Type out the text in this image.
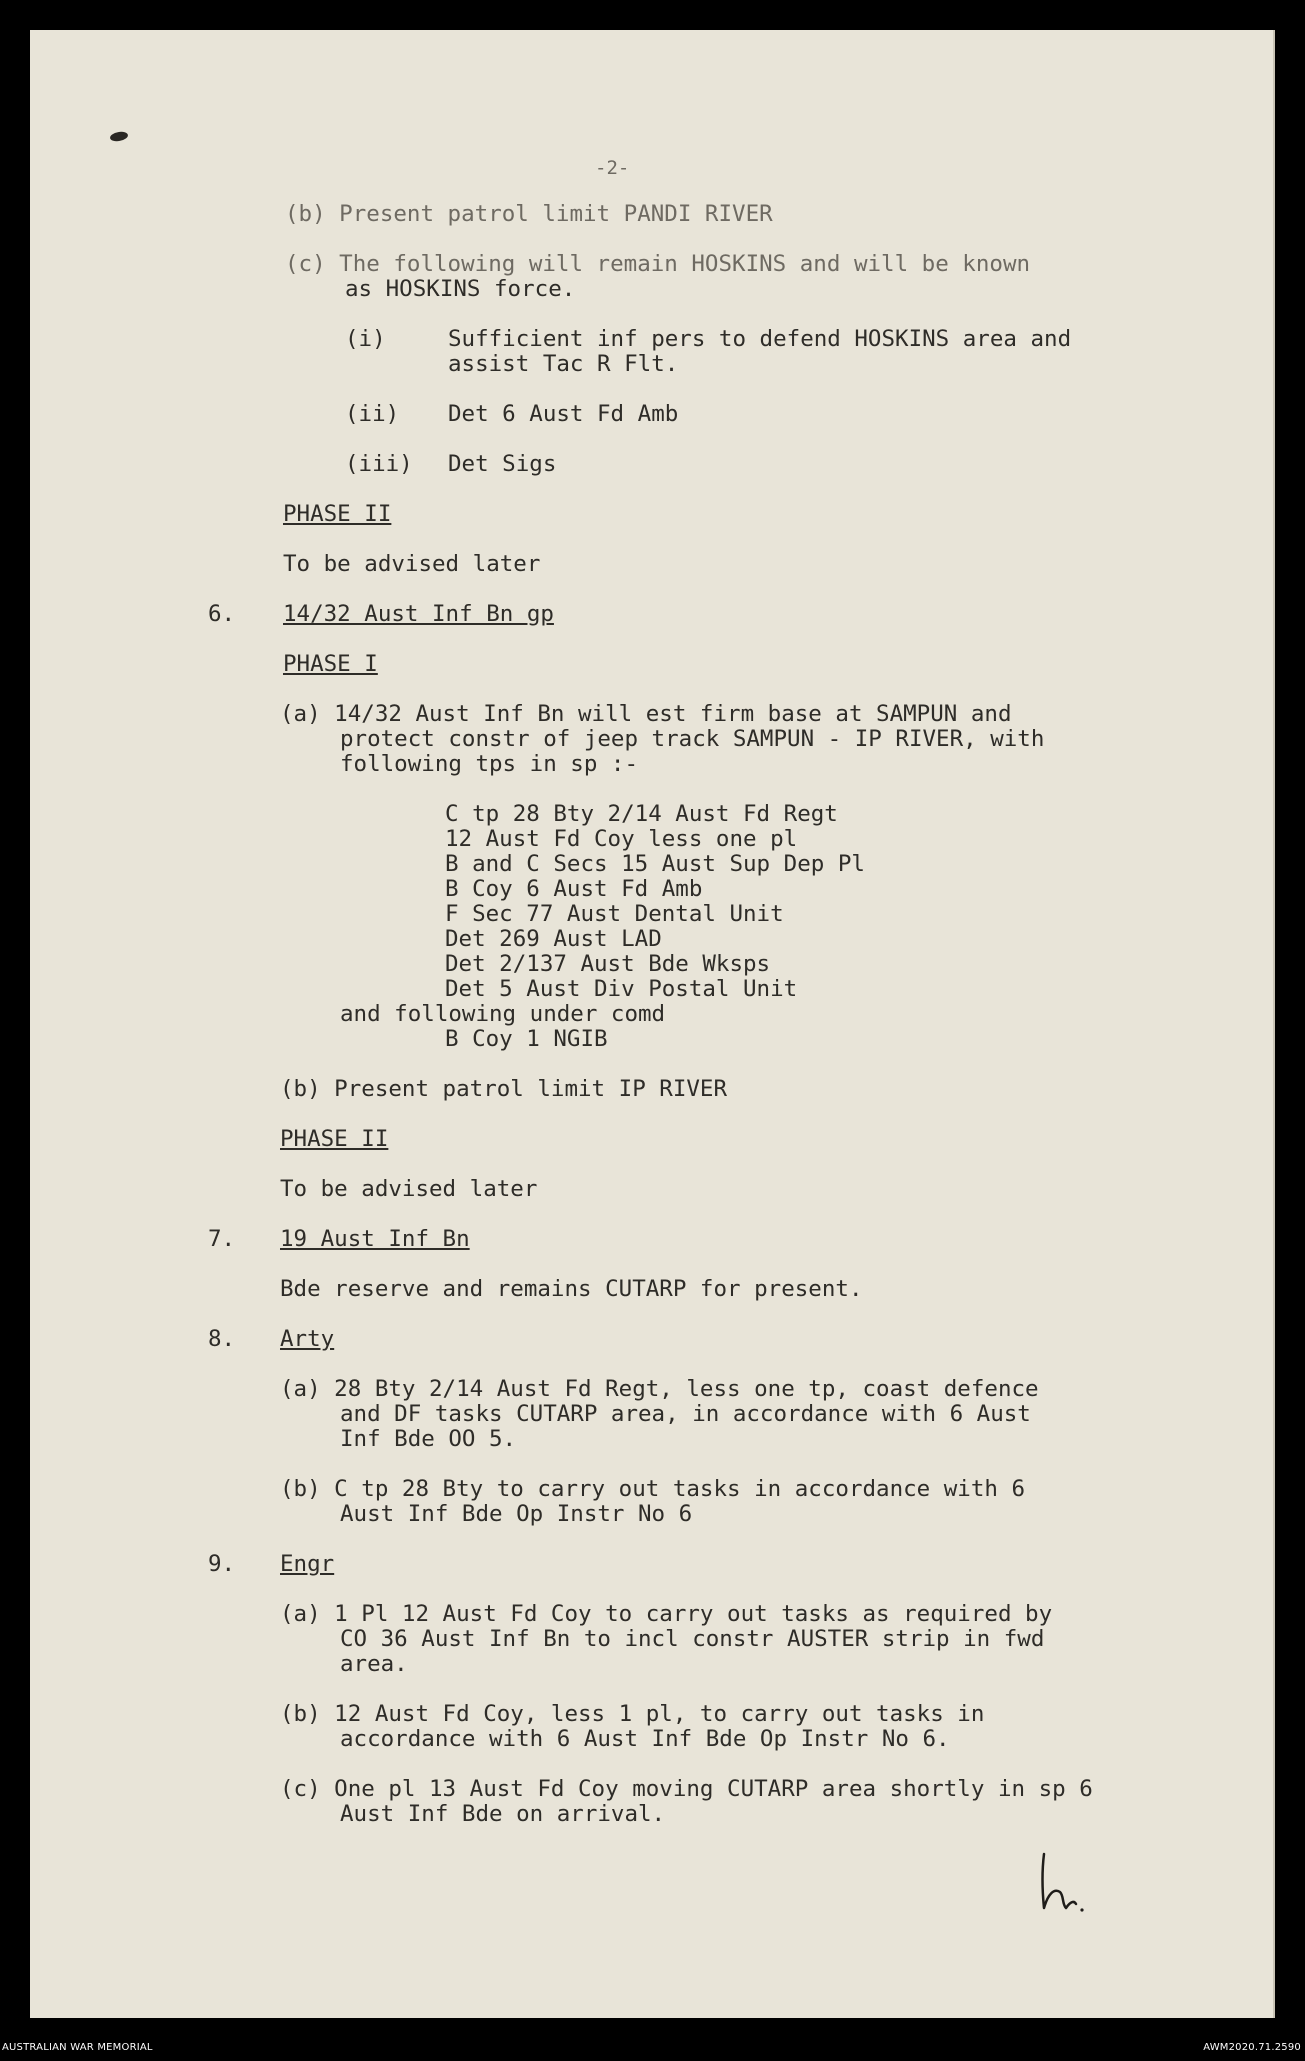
-2-

(b) Present patrol limit PANDI RIVER

(c) The following will remain HOSKINS and will be known

as HOSKINS force.

(i)	Sufficient inf pers to defend HOSKINS area and

assist Tac R Flt.

(ii) Det 6 Aust Fd Amb

(iii) Det Sigs

PHASE II

To be advised later

6. 14/32 Aust Inf Bn gp

PHASE I

(a) 14/32 Aust Inf Bn will est firm base at SAMPUN and

protect constr of jeep track SAMPUN - IP RIVER, with

following tps in sp :-

C tp 28 Bty 2/14 Aust Fd Regt

12 Aust Fd Coy less one pl

B and C Secs 15 Aust Sup Dep Pl

B Coy 6 Aust Fd Amb

F Sec 77 Aust Dental Unit

Det 269 Aust LAD

Det 2/137 Aust Bde Wksps

Det 5 Aust Div Postal Unit

and following under comd

B Coy 1 NGIB

(b) Present patrol limit IP RIVER

PHASE II

To be advised later

7. 19 Aust Inf Bn

Bde reserve and remains CUTARP for present.

8. Arty

(a) 28 Bty 2/14 Aust Fd Regt, less one tp, coast defence

and DF tasks CUTARP area, in accordance with 6 Aust

Inf Bde OO 5.

(b) C tp 28 Bty to carry out tasks in accordance with 6

Aust Inf Bde Op Instr No 6

9. Engr

(a) 1 Pl 12 Aust Fd Coy to carry out tasks as required by

CO 36 Aust Inf Bn to incl constr AUSTER strip in fwd

area.

(b) 12 Aust Fd Coy, less 1 pl, to carry out tasks in

accordance with 6 Aust Inf Bde Op Instr No 6.

(c) One pl 13 Aust Fd Coy moving CUTARP area shortly in sp 6

Aust Inf Bde on arrival.

AUSTRALIAN WAR MEMORIAL	AWM2020.71.2590
